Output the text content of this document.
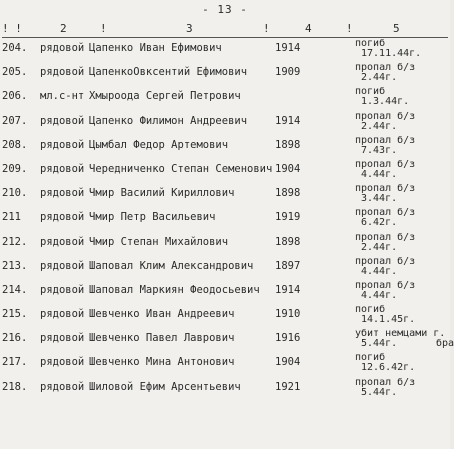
- 13 -
! !	2	!	3	!	4	!	5
204. рядовой Цапенко Иван Ефимович	1914	погиб
17.11.44г.
205. рядовой ЦапенкоОвксентий Ефимович	1909	пропал б/з
2.44г.
206. мл.с-нт Хмыроода Сергей Петрович	погиб
1.3.44г.
207. рядовой Цапенко Филимон Андреевич	1914	пропал б/з
2.44г.
208. рядовой Цымбал Федор Артемович	1898	пропал б/з
7.43г.
209. рядовой Чередниченко Степан Семенович 1904	пропал б/з
4.44г.
210. рядовой Чмир Василий Кириллович	1898	пропал б/з
3.44г.
211 рядовой Чмир Петр Васильевич	1919	пропал б/з
6.42г.
212. рядовой Чмир Степан Михайлович	1898	пропал б/з
2.44г.
213. рядовой Шаповал Клим Александрович 1897	пропал б/з
4.44г.
214. рядовой Шаповал Маркиян Феодосьевич 1914	пропал б/з
4.44г.
215. рядовой Шевченко Иван Андреевич	1910	погиб
14.1.45г.
216. рядовой Шевченко Павел Лаврович	1916	убит немцами г.
5.44г.	бра
217. рядовой Шевченко Мина Антонович	1904	погиб
12.6.42г.
218. рядовой Шиловой Ефим Арсентьевич	1921	пропал б/з
5.44г.
